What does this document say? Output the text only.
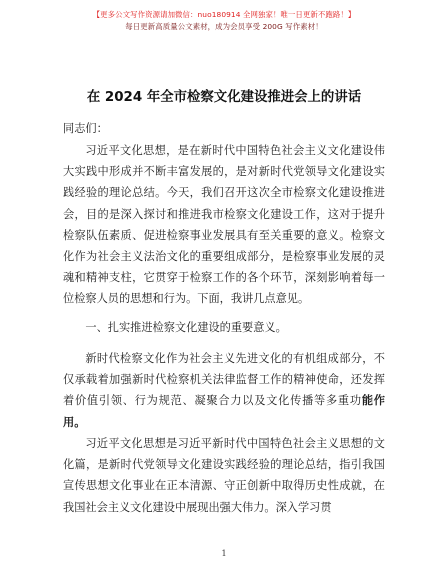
【更多公文写作资源请加微信：nuo180914 全网独家！唯一日更新不跑路！】
每日更新高质量公文素材，成为会员享受 200G 写作素材！
在 2024 年全市检察文化建设推进会上的讲话
同志们：
习近平文化思想，是在新时代中国特色社会主义文化建设伟大实践中形成并不断丰富发展的，是对新时代党领导文化建设实践经验的理论总结。今天，我们召开这次全市检察文化建设推进会，目的是深入探讨和推进我市检察文化建设工作，这对于提升检察队伍素质、促进检察事业发展具有至关重要的意义。检察文化作为社会主义法治文化的重要组成部分，是检察事业发展的灵魂和精神支柱，它贯穿于检察工作的各个环节，深刻影响着每一位检察人员的思想和行为。下面，我讲几点意见。
一、扎实推进检察文化建设的重要意义。
新时代检察文化作为社会主义先进文化的有机组成部分，不仅承载着加强新时代检察机关法律监督工作的精神使命，还发挥着价值引领、行为规范、凝聚合力以及文化传播等多重功能作用。
习近平文化思想是习近平新时代中国特色社会主义思想的文化篇，是新时代党领导文化建设实践经验的理论总结，指引我国宣传思想文化事业在正本清源、守正创新中取得历史性成就，在我国社会主义文化建设中展现出强大伟力。深入学习贯
1
